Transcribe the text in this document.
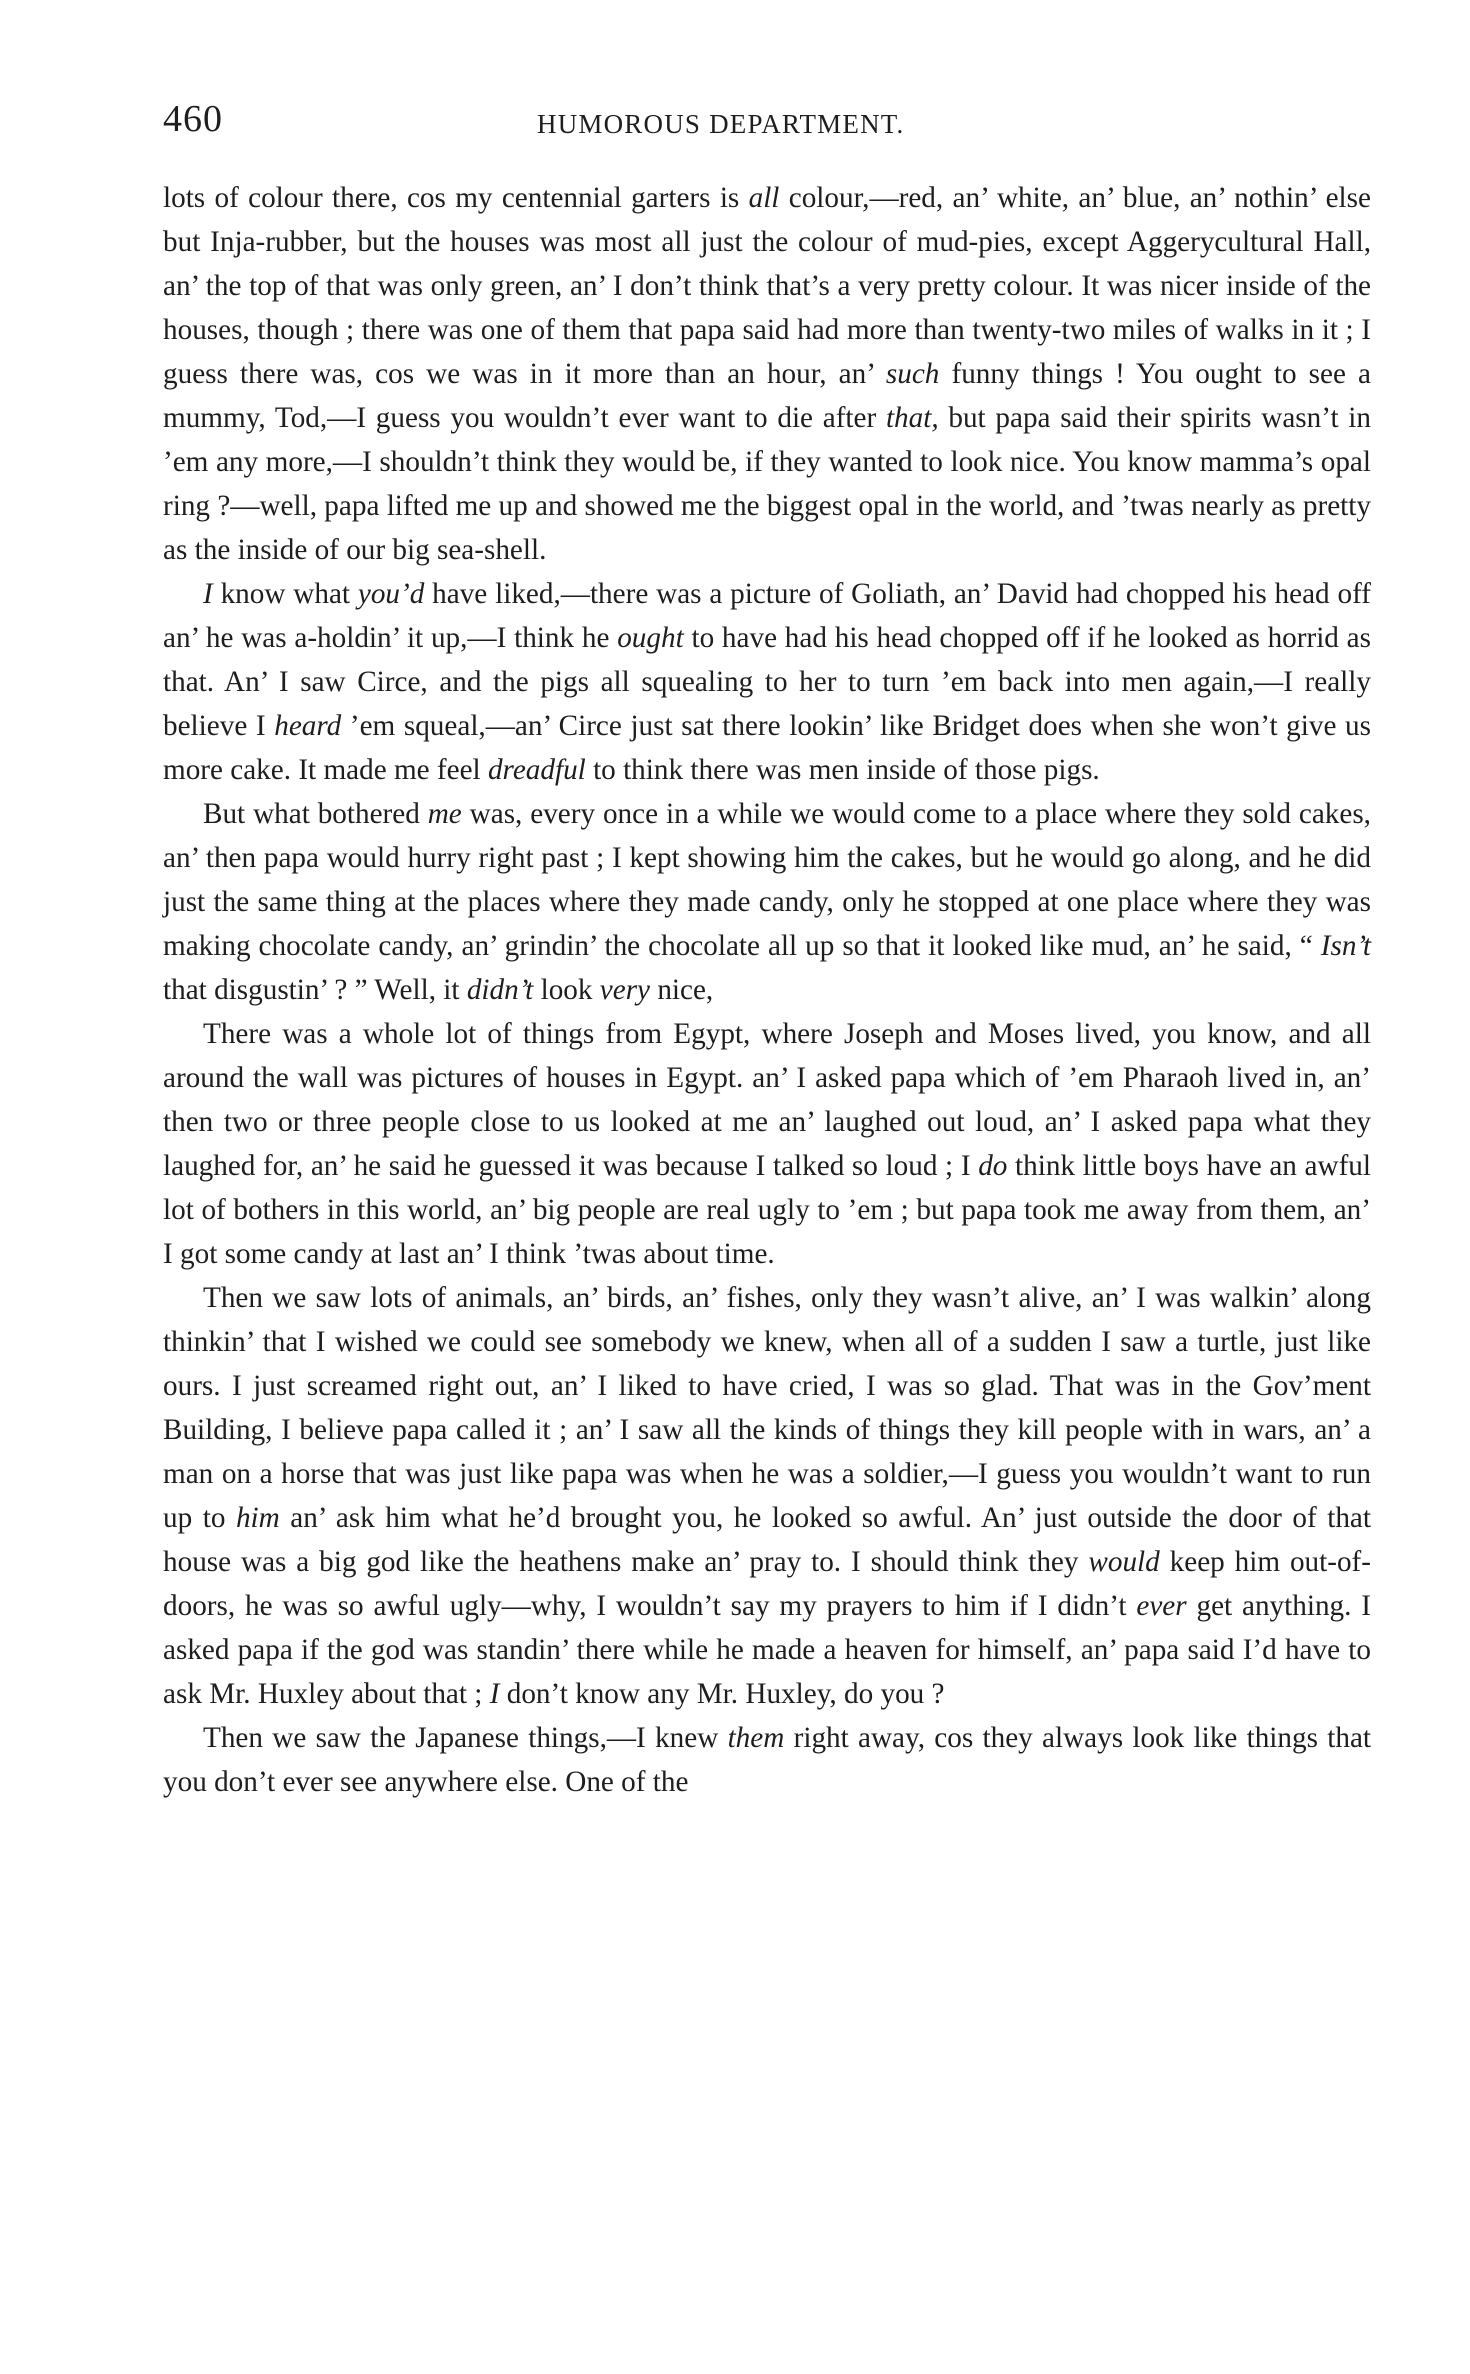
460	HUMOROUS DEPARTMENT.

lots of colour there, cos my centennial garters is all colour,—red, an’ white, an’ blue, an’ nothin’ else but Inja-rubber, but the houses was most all just the colour of mud-pies, except Aggerycultural Hall, an’ the top of that was only green, an’ I don’t think that’s a very pretty colour. It was nicer inside of the houses, though ; there was one of them that papa said had more than twenty-two miles of walks in it ; I guess there was, cos we was in it more than an hour, an’ such funny things ! You ought to see a mummy, Tod,—I guess you wouldn’t ever want to die after that, but papa said their spirits wasn’t in ’em any more,—I shouldn’t think they would be, if they wanted to look nice. You know mamma’s opal ring ?—well, papa lifted me up and showed me the biggest opal in the world, and ’twas nearly as pretty as the inside of our big sea-shell.

I know what you’d have liked,—there was a picture of Goliath, an’ David had chopped his head off an’ he was a-holdin’ it up,—I think he ought to have had his head chopped off if he looked as horrid as that. An’ I saw Circe, and the pigs all squealing to her to turn ’em back into men again,—I really believe I heard ’em squeal,—an’ Circe just sat there lookin’ like Bridget does when she won’t give us more cake. It made me feel dreadful to think there was men inside of those pigs.

But what bothered me was, every once in a while we would come to a place where they sold cakes, an’ then papa would hurry right past ; I kept showing him the cakes, but he would go along, and he did just the same thing at the places where they made candy, only he stopped at one place where they was making chocolate candy, an’ grindin’ the chocolate all up so that it looked like mud, an’ he said, “ Isn’t that disgustin’ ? ” Well, it didn’t look very nice,

There was a whole lot of things from Egypt, where Joseph and Moses lived, you know, and all around the wall was pictures of houses in Egypt. an’ I asked papa which of ’em Pharaoh lived in, an’ then two or three people close to us looked at me an’ laughed out loud, an’ I asked papa what they laughed for, an’ he said he guessed it was because I talked so loud ; I do think little boys have an awful lot of bothers in this world, an’ big people are real ugly to ’em ; but papa took me away from them, an’ I got some candy at last an’ I think ’twas about time.

Then we saw lots of animals, an’ birds, an’ fishes, only they wasn’t alive, an’ I was walkin’ along thinkin’ that I wished we could see somebody we knew, when all of a sudden I saw a turtle, just like ours. I just screamed right out, an’ I liked to have cried, I was so glad. That was in the Gov’ment Building, I believe papa called it ; an’ I saw all the kinds of things they kill people with in wars, an’ a man on a horse that was just like papa was when he was a soldier,—I guess you wouldn’t want to run up to him an’ ask him what he’d brought you, he looked so awful. An’ just outside the door of that house was a big god like the heathens make an’ pray to. I should think they would keep him out-of-doors, he was so awful ugly—why, I wouldn’t say my prayers to him if I didn’t ever get anything. I asked papa if the god was standin’ there while he made a heaven for himself, an’ papa said I’d have to ask Mr. Huxley about that ; I don’t know any Mr. Huxley, do you ?

Then we saw the Japanese things,—I knew them right away, cos they always look like things that you don’t ever see anywhere else. One of the
